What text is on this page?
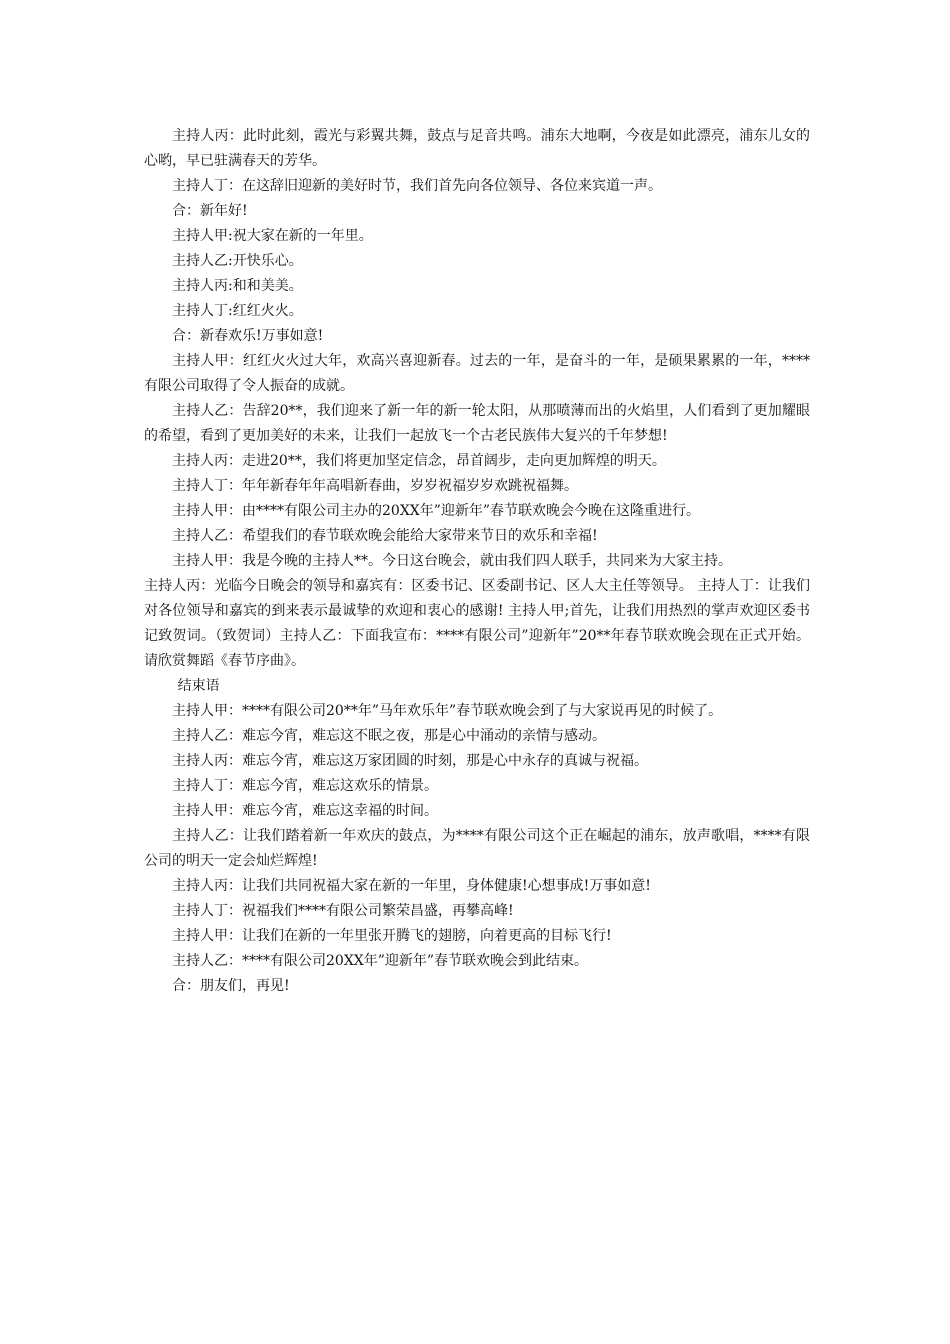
主持人丙：此时此刻，霞光与彩翼共舞，鼓点与足音共鸣。浦东大地啊，今夜是如此漂亮，浦东儿女的心哟，早已驻满春天的芳华。

主持人丁：在这辞旧迎新的美好时节，我们首先向各位领导、各位来宾道一声。

合：新年好!

主持人甲:祝大家在新的一年里。

主持人乙:开快乐心。

主持人丙:和和美美。

主持人丁:红红火火。

合：新春欢乐!万事如意!

主持人甲：红红火火过大年，欢高兴喜迎新春。过去的一年，是奋斗的一年，是硕果累累的一年，****有限公司取得了令人振奋的成就。

主持人乙：告辞20**，我们迎来了新一年的新一轮太阳，从那喷薄而出的火焰里，人们看到了更加耀眼的希望，看到了更加美好的未来，让我们一起放飞一个古老民族伟大复兴的千年梦想!

主持人丙：走进20**，我们将更加坚定信念，昂首阔步，走向更加辉煌的明天。

主持人丁：年年新春年年高唱新春曲，岁岁祝福岁岁欢跳祝福舞。

主持人甲：由****有限公司主办的20XX年”迎新年”春节联欢晚会今晚在这隆重进行。

主持人乙：希望我们的春节联欢晚会能给大家带来节日的欢乐和幸福!

主持人甲：我是今晚的主持人**。今日这台晚会，就由我们四人联手，共同来为大家主持。

主持人丙：光临今日晚会的领导和嘉宾有：区委书记、区委副书记、区人大主任等领导。 主持人丁：让我们对各位领导和嘉宾的到来表示最诚挚的欢迎和衷心的感谢! 主持人甲;首先，让我们用热烈的掌声欢迎区委书记致贺词。（致贺词）主持人乙：下面我宣布：****有限公司”迎新年”20**年春节联欢晚会现在正式开始。请欣赏舞蹈《春节序曲》。

结束语

主持人甲：****有限公司20**年”马年欢乐年”春节联欢晚会到了与大家说再见的时候了。

主持人乙：难忘今宵，难忘这不眠之夜，那是心中涌动的亲情与感动。

主持人丙：难忘今宵，难忘这万家团圆的时刻，那是心中永存的真诚与祝福。

主持人丁：难忘今宵，难忘这欢乐的情景。

主持人甲：难忘今宵，难忘这幸福的时间。

主持人乙：让我们踏着新一年欢庆的鼓点，为****有限公司这个正在崛起的浦东，放声歌唱，****有限公司的明天一定会灿烂辉煌!

主持人丙：让我们共同祝福大家在新的一年里，身体健康!心想事成!万事如意!

主持人丁：祝福我们****有限公司繁荣昌盛，再攀高峰!

主持人甲：让我们在新的一年里张开腾飞的翅膀，向着更高的目标飞行!

主持人乙：****有限公司20XX年”迎新年”春节联欢晚会到此结束。

合：朋友们，再见!
